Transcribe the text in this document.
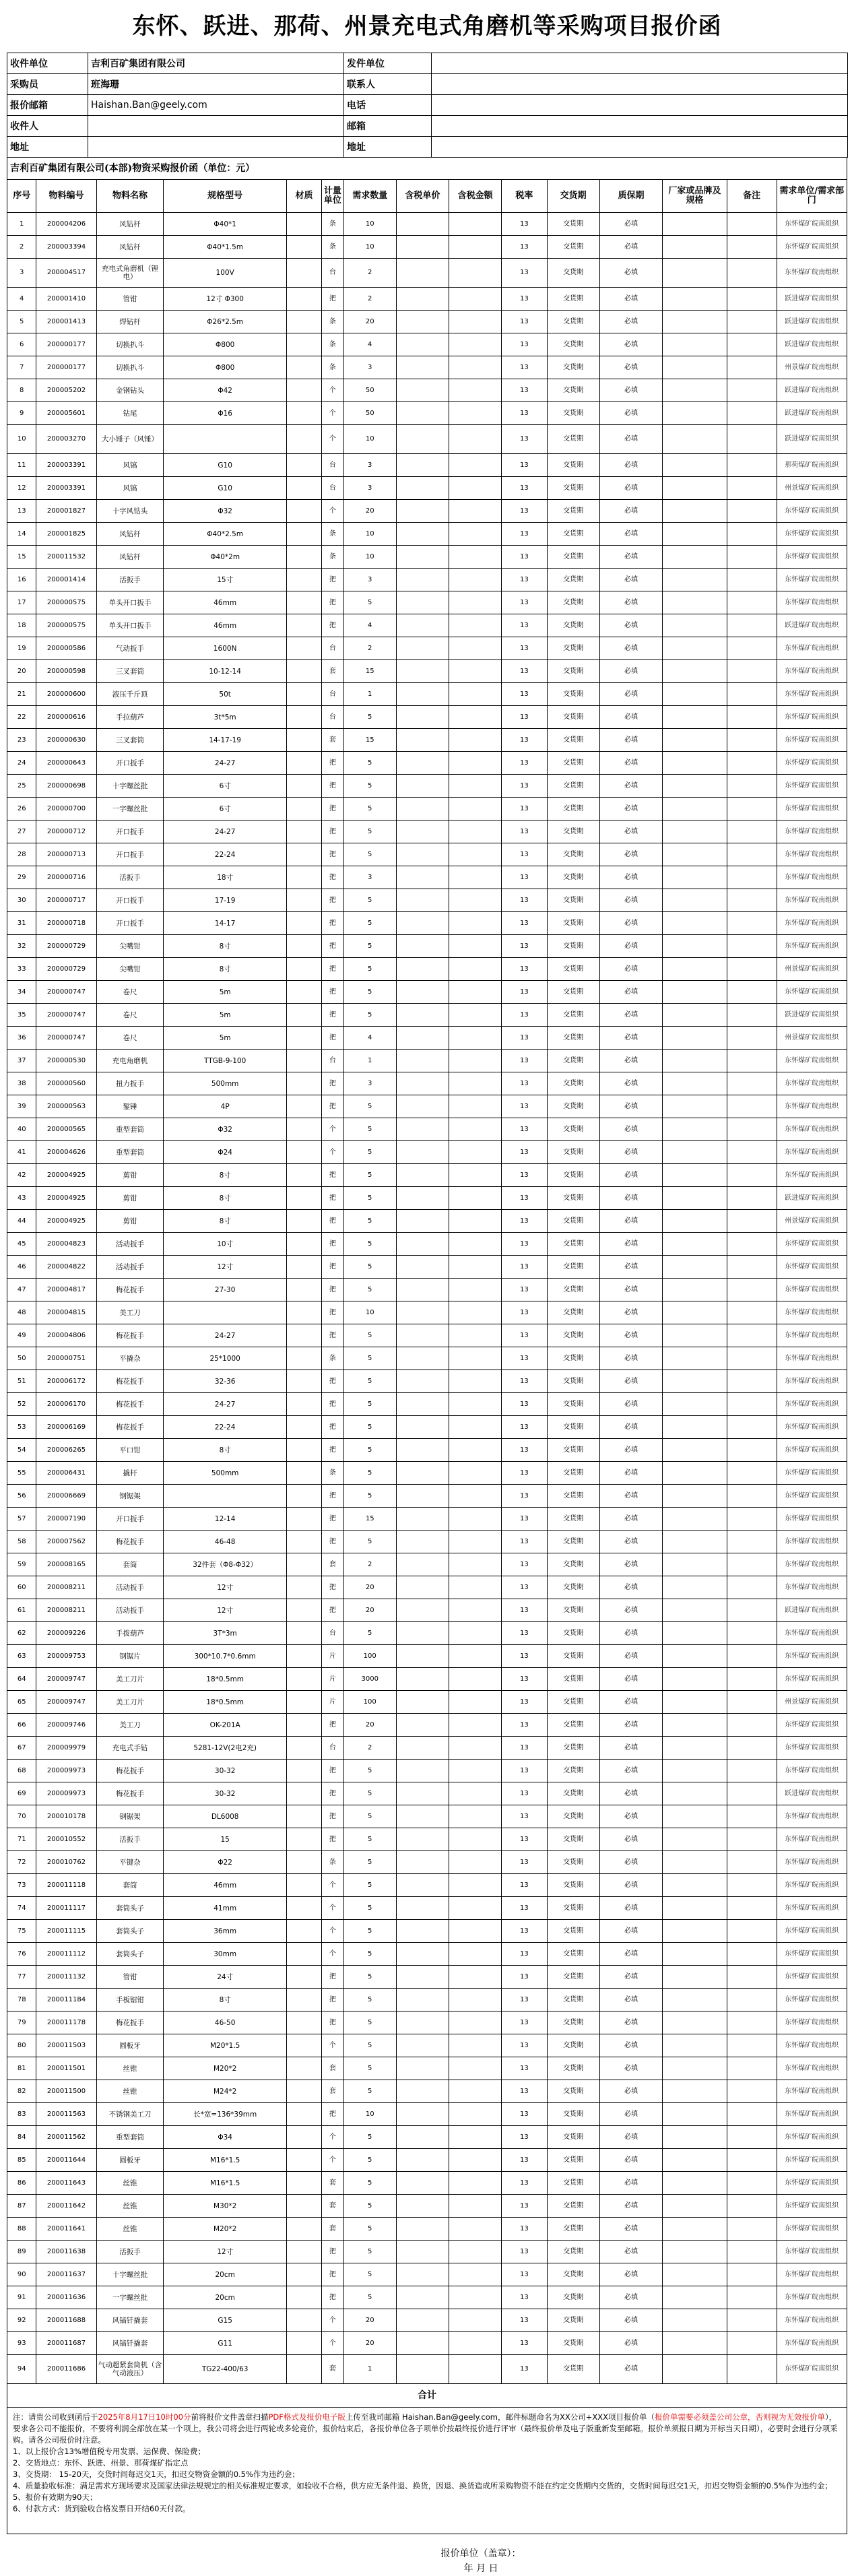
东怀、跃进、那荷、州景充电式角磨机等采购项目报价函
收件单位	吉利百矿集团有限公司	发件单位	
采购员	班海珊	联系人	
报价邮箱	Haishan.Ban@geely.com	电话	
收件人		邮箱	
地址		地址	
吉利百矿集团有限公司(本部)物资采购报价函（单位：元）
序号	物料编号	物料名称	规格型号	材质	计量单位	需求数量	含税单价	含税金额	税率	交货期	质保期	厂家或品牌及规格	备注	需求单位/需求部门
1	200004206	风钻杆	Φ40*1		条	10			13	交货期	必填			东怀煤矿皖南组织
2	200003394	风钻杆	Φ40*1.5m		条	10			13	交货期	必填			东怀煤矿皖南组织
3	200004517	充电式角磨机（锂电）	100V		台	2			13	交货期	必填			东怀煤矿皖南组织
4	200001410	管钳	12寸 Φ300		把	2			13	交货期	必填			跃进煤矿皖南组织
5	200001413	焊钻杆	Φ26*2.5m		条	20			13	交货期	必填			跃进煤矿皖南组织
6	200000177	切换扒斗	Φ800		条	4			13	交货期	必填			跃进煤矿皖南组织
7	200000177	切换扒斗	Φ800		条	3			13	交货期	必填			州景煤矿皖南组织
8	200005202	金钢钻头	Φ42		个	50			13	交货期	必填			跃进煤矿皖南组织
9	200005601	钻尾	Φ16		个	50			13	交货期	必填			跃进煤矿皖南组织
10	200003270	大小锤子（风锤）			个	10			13	交货期	必填			跃进煤矿皖南组织
11	200003391	风镐	G10		台	3			13	交货期	必填			那荷煤矿皖南组织
12	200003391	风镐	G10		台	3			13	交货期	必填			州景煤矿皖南组织
13	200001827	十字风钻头	Φ32		个	20			13	交货期	必填			东怀煤矿皖南组织
14	200001825	风钻杆	Φ40*2.5m		条	10			13	交货期	必填			东怀煤矿皖南组织
15	200011532	风钻杆	Φ40*2m		条	10			13	交货期	必填			东怀煤矿皖南组织
16	200001414	活扳手	15寸		把	3			13	交货期	必填			东怀煤矿皖南组织
17	200000575	单头开口扳手	46mm		把	5			13	交货期	必填			东怀煤矿皖南组织
18	200000575	单头开口扳手	46mm		把	4			13	交货期	必填			跃进煤矿皖南组织
19	200000586	气动扳手	1600N		台	2			13	交货期	必填			东怀煤矿皖南组织
20	200000598	三叉套筒	10-12-14		套	15			13	交货期	必填			东怀煤矿皖南组织
21	200000600	液压千斤顶	50t		台	1			13	交货期	必填			东怀煤矿皖南组织
22	200000616	手拉葫芦	3t*5m		台	5			13	交货期	必填			东怀煤矿皖南组织
23	200000630	三叉套筒	14-17-19		套	15			13	交货期	必填			东怀煤矿皖南组织
24	200000643	开口扳手	24-27		把	5			13	交货期	必填			东怀煤矿皖南组织
25	200000698	十字螺丝批	6寸		把	5			13	交货期	必填			东怀煤矿皖南组织
26	200000700	一字螺丝批	6寸		把	5			13	交货期	必填			东怀煤矿皖南组织
27	200000712	开口扳手	24-27		把	5			13	交货期	必填			东怀煤矿皖南组织
28	200000713	开口扳手	22-24		把	5			13	交货期	必填			东怀煤矿皖南组织
29	200000716	活扳手	18寸		把	3			13	交货期	必填			东怀煤矿皖南组织
30	200000717	开口扳手	17-19		把	5			13	交货期	必填			东怀煤矿皖南组织
31	200000718	开口扳手	14-17		把	5			13	交货期	必填			东怀煤矿皖南组织
32	200000729	尖嘴钳	8寸		把	5			13	交货期	必填			东怀煤矿皖南组织
33	200000729	尖嘴钳	8寸		把	5			13	交货期	必填			州景煤矿皖南组织
34	200000747	卷尺	5m		把	5			13	交货期	必填			东怀煤矿皖南组织
35	200000747	卷尺	5m		把	5			13	交货期	必填			跃进煤矿皖南组织
36	200000747	卷尺	5m		把	4			13	交货期	必填			州景煤矿皖南组织
37	200000530	充电角磨机	TTGB-9-100		台	1			13	交货期	必填			东怀煤矿皖南组织
38	200000560	扭力扳手	500mm		把	3			13	交货期	必填			东怀煤矿皖南组织
39	200000563	錾锤	4P		把	5			13	交货期	必填			东怀煤矿皖南组织
40	200000565	重型套筒	Φ32		个	5			13	交货期	必填			东怀煤矿皖南组织
41	200004626	重型套筒	Φ24		个	5			13	交货期	必填			东怀煤矿皖南组织
42	200004925	剪钳	8寸		把	5			13	交货期	必填			东怀煤矿皖南组织
43	200004925	剪钳	8寸		把	5			13	交货期	必填			跃进煤矿皖南组织
44	200004925	剪钳	8寸		把	5			13	交货期	必填			州景煤矿皖南组织
45	200004823	活动扳手	10寸		把	5			13	交货期	必填			东怀煤矿皖南组织
46	200004822	活动扳手	12寸		把	5			13	交货期	必填			东怀煤矿皖南组织
47	200004817	梅花扳手	27-30		把	5			13	交货期	必填			东怀煤矿皖南组织
48	200004815	美工刀			把	10			13	交货期	必填			东怀煤矿皖南组织
49	200004806	梅花扳手	24-27		把	5			13	交货期	必填			东怀煤矿皖南组织
50	200000751	平撬杂	25*1000		条	5			13	交货期	必填			东怀煤矿皖南组织
51	200006172	梅花扳手	32-36		把	5			13	交货期	必填			东怀煤矿皖南组织
52	200006170	梅花扳手	24-27		把	5			13	交货期	必填			东怀煤矿皖南组织
53	200006169	梅花扳手	22-24		把	5			13	交货期	必填			东怀煤矿皖南组织
54	200006265	平口钳	8寸		把	5			13	交货期	必填			东怀煤矿皖南组织
55	200006431	撬杆	500mm		条	5			13	交货期	必填			东怀煤矿皖南组织
56	200006669	钢锯架			把	5			13	交货期	必填			东怀煤矿皖南组织
57	200007190	开口扳手	12-14		把	15			13	交货期	必填			东怀煤矿皖南组织
58	200007562	梅花扳手	46-48		把	5			13	交货期	必填			东怀煤矿皖南组织
59	200008165	套筒	32件套（Φ8-Φ32）		套	2			13	交货期	必填			东怀煤矿皖南组织
60	200008211	活动扳手	12寸		把	20			13	交货期	必填			东怀煤矿皖南组织
61	200008211	活动扳手	12寸		把	20			13	交货期	必填			跃进煤矿皖南组织
62	200009226	手拨葫芦	3T*3m		台	5			13	交货期	必填			东怀煤矿皖南组织
63	200009753	钢锯片	300*10.7*0.6mm		片	100			13	交货期	必填			东怀煤矿皖南组织
64	200009747	美工刀片	18*0.5mm		片	3000			13	交货期	必填			东怀煤矿皖南组织
65	200009747	美工刀片	18*0.5mm		片	100			13	交货期	必填			州景煤矿皖南组织
66	200009746	美工刀	OK-201A		把	20			13	交货期	必填			东怀煤矿皖南组织
67	200009979	充电式手钻	5281-12V(2电2充)		台	2			13	交货期	必填			东怀煤矿皖南组织
68	200009973	梅花扳手	30-32		把	5			13	交货期	必填			东怀煤矿皖南组织
69	200009973	梅花扳手	30-32		把	5			13	交货期	必填			跃进煤矿皖南组织
70	200010178	钢锯架	DL6008		把	5			13	交货期	必填			东怀煤矿皖南组织
71	200010552	活扳手	15		把	5			13	交货期	必填			东怀煤矿皖南组织
72	200010762	平键杂	Φ22		条	5			13	交货期	必填			东怀煤矿皖南组织
73	200011118	套筒	46mm		个	5			13	交货期	必填			东怀煤矿皖南组织
74	200011117	套筒头子	41mm		个	5			13	交货期	必填			东怀煤矿皖南组织
75	200011115	套筒头子	36mm		个	5			13	交货期	必填			东怀煤矿皖南组织
76	200011112	套筒头子	30mm		个	5			13	交货期	必填			东怀煤矿皖南组织
77	200011132	管钳	24寸		把	5			13	交货期	必填			东怀煤矿皖南组织
78	200011184	手板锯钳	8寸		把	5			13	交货期	必填			东怀煤矿皖南组织
79	200011178	梅花扳手	46-50		把	5			13	交货期	必填			东怀煤矿皖南组织
80	200011503	圆板牙	M20*1.5		个	5			13	交货期	必填			东怀煤矿皖南组织
81	200011501	丝锥	M20*2		套	5			13	交货期	必填			东怀煤矿皖南组织
82	200011500	丝锥	M24*2		套	5			13	交货期	必填			东怀煤矿皖南组织
83	200011563	不锈钢美工刀	长*宽=136*39mm		把	10			13	交货期	必填			东怀煤矿皖南组织
84	200011562	重型套筒	Φ34		个	5			13	交货期	必填			东怀煤矿皖南组织
85	200011644	圆板牙	M16*1.5		个	5			13	交货期	必填			东怀煤矿皖南组织
86	200011643	丝锥	M16*1.5		套	5			13	交货期	必填			东怀煤矿皖南组织
87	200011642	丝锥	M30*2		套	5			13	交货期	必填			东怀煤矿皖南组织
88	200011641	丝锥	M20*2		套	5			13	交货期	必填			东怀煤矿皖南组织
89	200011638	活扳手	12寸		把	5			13	交货期	必填			东怀煤矿皖南组织
90	200011637	十字螺丝批	20cm		把	5			13	交货期	必填			东怀煤矿皖南组织
91	200011636	一字螺丝批	20cm		把	5			13	交货期	必填			东怀煤矿皖南组织
92	200011688	风镐钎撬套	G15		个	20			13	交货期	必填			东怀煤矿皖南组织
93	200011687	风镐钎撬套	G11		个	20			13	交货期	必填			东怀煤矿皖南组织
94	200011686	气动超紧套筒机（含气动液压）	TG22-400/63		套	1			13	交货期	必填			东怀煤矿皖南组织
合计														
注：请贵公司收到函后于2025年8月17日10时00分前将报价文件盖章扫描PDF格式及报价电子版上传至我司邮箱 Haishan.Ban@geely.com，邮件标题命名为XX公司+XXX项目报价单（报价单需要必须盖公司公章，否则视为无效报价单），要求各公司不能报价，不要将利润全部放在某一个项上，我公司将会进行两轮或多轮竞价，报价结束后，各报价单位各子项单价按最终报价进行评审（最终报价单及电子版重新发至邮箱。报价单须报日期为开标当天日期），必要时会进行分项采购。请各公司报价时注意。
1、以上报价含13%增值税专用发票、运保费、保险费；
2、交货地点：东怀、跃进、州景、那荷煤矿指定点
3、交货期： 15-20天，交货时间每迟交1天，扣迟交物资金额的0.5%作为违约金；
4、质量验收标准：满足需求方现场要求及国家法律法规规定的相关标准规定要求，如验收不合格，供方应无条件退、换货，因退、换货造成所采购物资不能在约定交货期内交货的，交货时间每迟交1天，扣迟交物资金额的0.5%作为违约金；
5、报价有效期为90天；
6、付款方式：货到验收合格发票日开结60天付款。
报价单位（盖章）：
年 月 日
